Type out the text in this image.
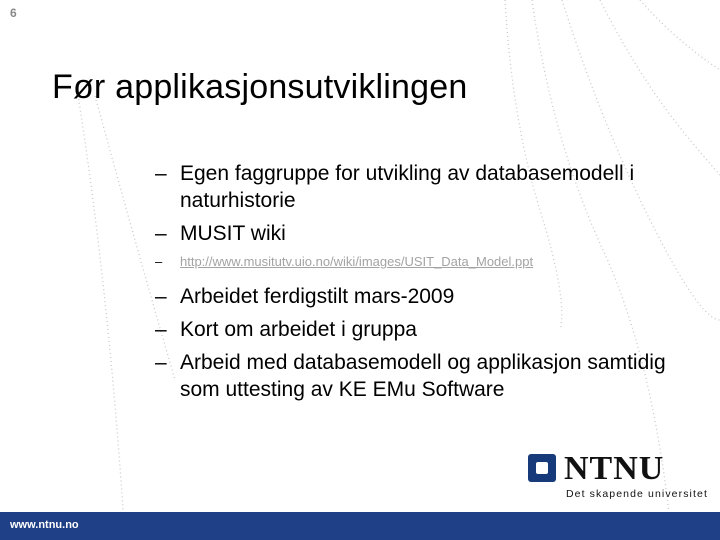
6
Før applikasjonsutviklingen
– Egen faggruppe for utvikling av databasemodell i naturhistorie
– MUSIT wiki
– http://www.musitutv.uio.no/wiki/images/USIT_Data_Model.ppt
– Arbeidet ferdigstilt mars-2009
– Kort om arbeidet i gruppa
– Arbeid med databasemodell og applikasjon samtidig som uttesting av KE EMu Software
NTNU
Det skapende universitet
www.ntnu.no
